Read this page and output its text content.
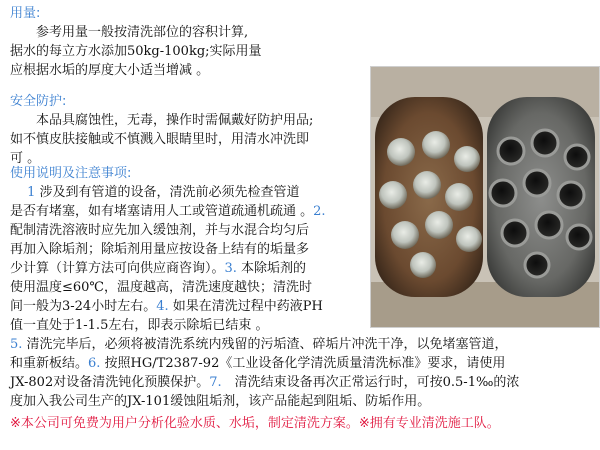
用量:
　　参考用量一般按清洗部位的容积计算,
据水的每立方水添加50kg-100kg;实际用量
应根据水垢的厚度大小适当增减 。
安全防护:
　　本品具腐蚀性，无毒，操作时需佩戴好防护用品;
如不慎皮肤接触或不慎溅入眼睛里时，用清水冲洗即
可 。
使用说明及注意事项:
　 1 涉及到有管道的设备，清洗前必须先检查管道
是否有堵塞，如有堵塞请用人工或管道疏通机疏通 。2.
配制清洗溶液时应先加入缓蚀剂，并与水混合均匀后
再加入除垢剂；除垢剂用量应按设备上结有的垢量多
少计算（计算方法可向供应商咨询）。3. 本除垢剂的
使用温度≤60℃，温度越高，清洗速度越快；清洗时
间一般为3-24小时左右。4. 如果在清洗过程中药液PH
值一直处于1-1.5左右，即表示除垢已结束 。
5. 清洗完毕后，必须将被清洗系统内残留的污垢渣、碎垢片冲洗干净，以免堵塞管道，
和重新板结。6. 按照HG/T2387-92《工业设备化学清洗质量清洗标准》要求，请使用
JX-802对设备清洗钝化预膜保护。7.　清洗结束设备再次正常运行时，可按0.5-1‰的浓
度加入我公司生产的JX-101缓蚀阻垢剂，该产品能起到阻垢、防垢作用。
※本公司可免费为用户分析化验水质、水垢，制定清洗方案。※拥有专业清洗施工队。
